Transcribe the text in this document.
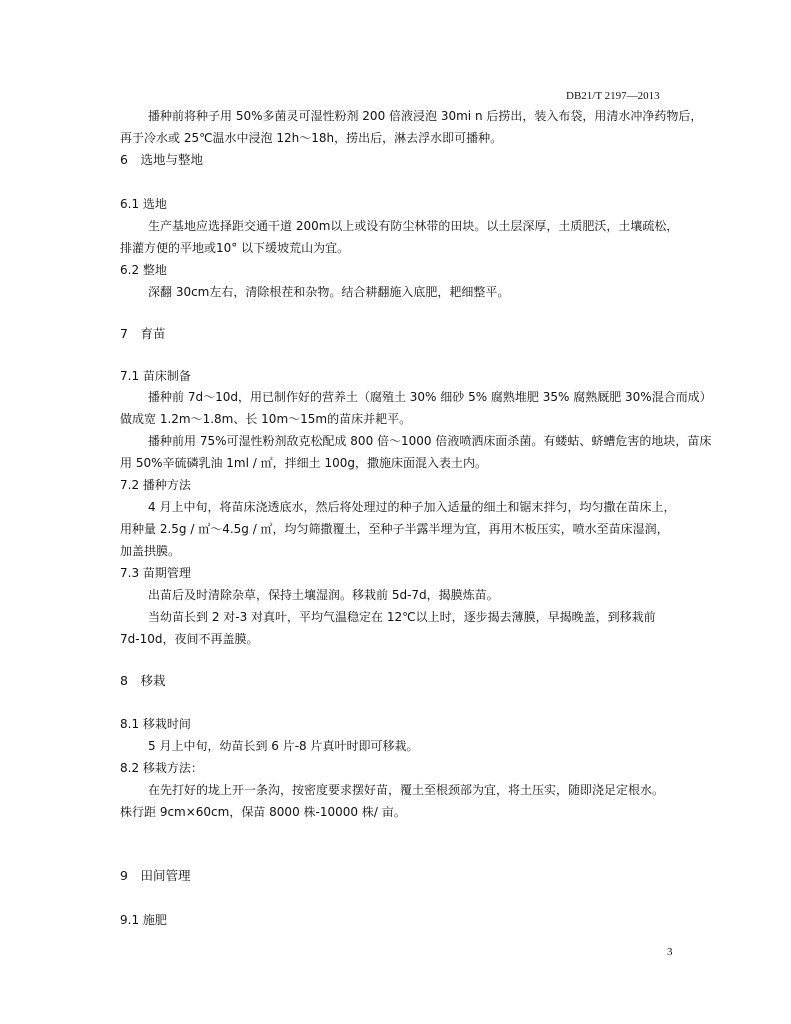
DB21/T 2197—2013
播种前将种子用 50%多菌灵可湿性粉剂 200 倍液浸泡 30mi n 后捞出，装入布袋，用清水冲净药物后，
再于冷水或 25℃温水中浸泡 12h～18h，捞出后，淋去浮水即可播种。
6　选地与整地
6.1 选地
生产基地应选择距交通干道 200m以上或设有防尘林带的田块。以土层深厚，土质肥沃，土壤疏松，
排灌方便的平地或10° 以下缓坡荒山为宜。
6.2 整地
深翻 30cm左右，清除根茬和杂物。结合耕翻施入底肥，耙细整平。
7　育苗
7.1 苗床制备
播种前 7d～10d，用已制作好的营养土（腐殖土 30% 细砂 5% 腐熟堆肥 35% 腐熟厩肥 30%混合而成）
做成宽 1.2m～1.8m、长 10m～15m的苗床并耙平。
播种前用 75%可湿性粉剂敌克松配成 800 倍～1000 倍液喷洒床面杀菌。有蝼蛄、蛴螬危害的地块，苗床
用 50%辛硫磷乳油 1ml / ㎡，拌细土 100g，撒施床面混入表土内。
7.2 播种方法
4 月上中旬，将苗床浇透底水，然后将处理过的种子加入适量的细土和锯末拌匀，均匀撒在苗床上，
用种量 2.5g / ㎡～4.5g / ㎡，均匀筛撒覆土，至种子半露半埋为宜，再用木板压实，喷水至苗床湿润，
加盖拱膜。
7.3 苗期管理
出苗后及时清除杂草，保持土壤湿润。移栽前 5d-7d，揭膜炼苗。
当幼苗长到 2 对-3 对真叶，平均气温稳定在 12℃以上时，逐步揭去薄膜，早揭晚盖，到移栽前
7d-10d，夜间不再盖膜。
8　移栽
8.1 移栽时间
5 月上中旬，幼苗长到 6 片-8 片真叶时即可移栽。
8.2 移栽方法：
在先打好的垅上开一条沟，按密度要求摆好苗，覆土至根颈部为宜，将土压实，随即浇足定根水。
株行距 9cm×60cm，保苗 8000 株-10000 株/ 亩。
9　田间管理
9.1 施肥
3
